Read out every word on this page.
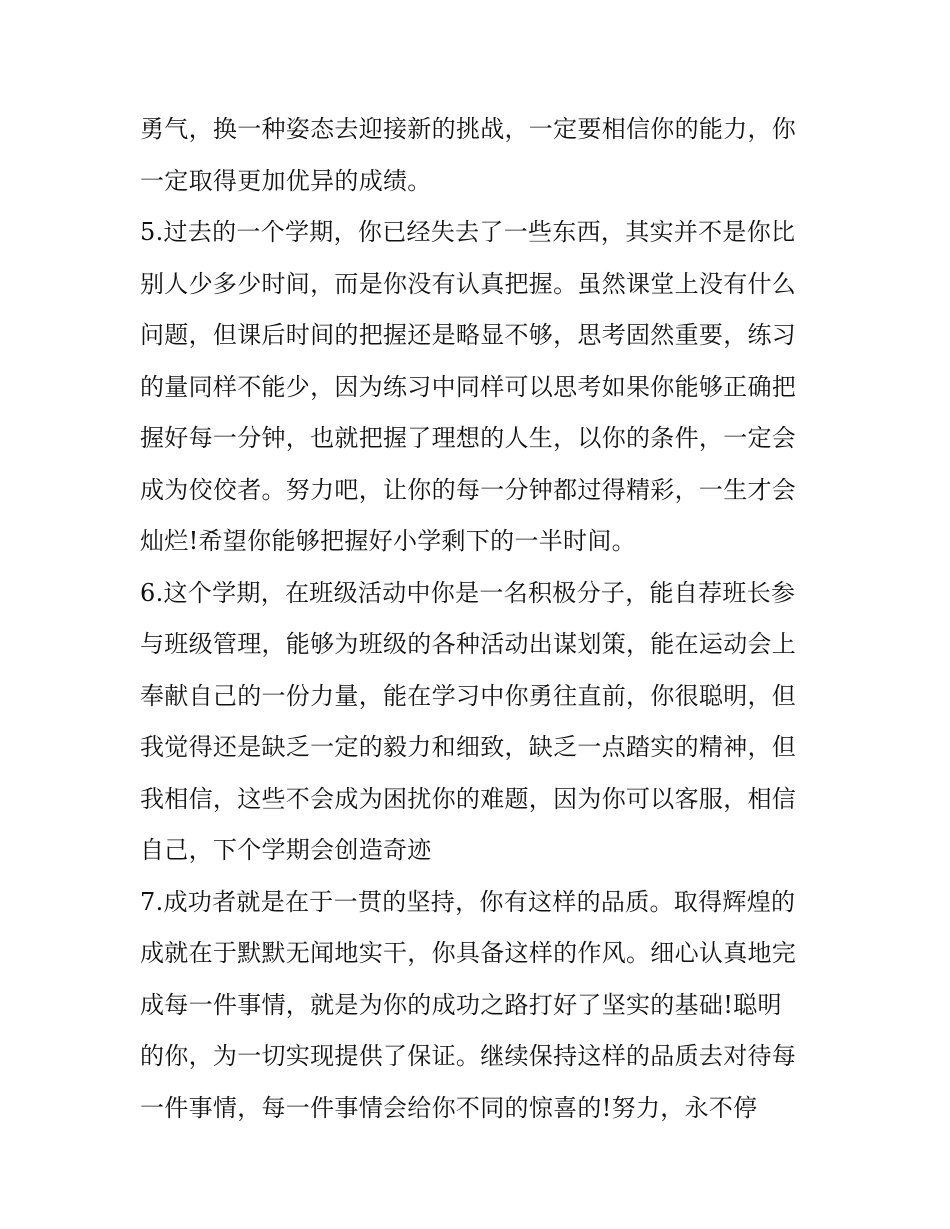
勇气，换一种姿态去迎接新的挑战，一定要相信你的能力，你
一定取得更加优异的成绩。
5.过去的一个学期，你已经失去了一些东西，其实并不是你比
别人少多少时间，而是你没有认真把握。虽然课堂上没有什么
问题，但课后时间的把握还是略显不够，思考固然重要，练习
的量同样不能少，因为练习中同样可以思考如果你能够正确把
握好每一分钟，也就把握了理想的人生，以你的条件，一定会
成为佼佼者。努力吧，让你的每一分钟都过得精彩，一生才会
灿烂!希望你能够把握好小学剩下的一半时间。
6.这个学期，在班级活动中你是一名积极分子，能自荐班长参
与班级管理，能够为班级的各种活动出谋划策，能在运动会上
奉献自己的一份力量，能在学习中你勇往直前，你很聪明，但
我觉得还是缺乏一定的毅力和细致，缺乏一点踏实的精神，但
我相信，这些不会成为困扰你的难题，因为你可以客服，相信
自己，下个学期会创造奇迹
7.成功者就是在于一贯的坚持，你有这样的品质。取得辉煌的
成就在于默默无闻地实干，你具备这样的作风。细心认真地完
成每一件事情，就是为你的成功之路打好了坚实的基础!聪明
的你，为一切实现提供了保证。继续保持这样的品质去对待每
一件事情，每一件事情会给你不同的惊喜的!努力，永不停
